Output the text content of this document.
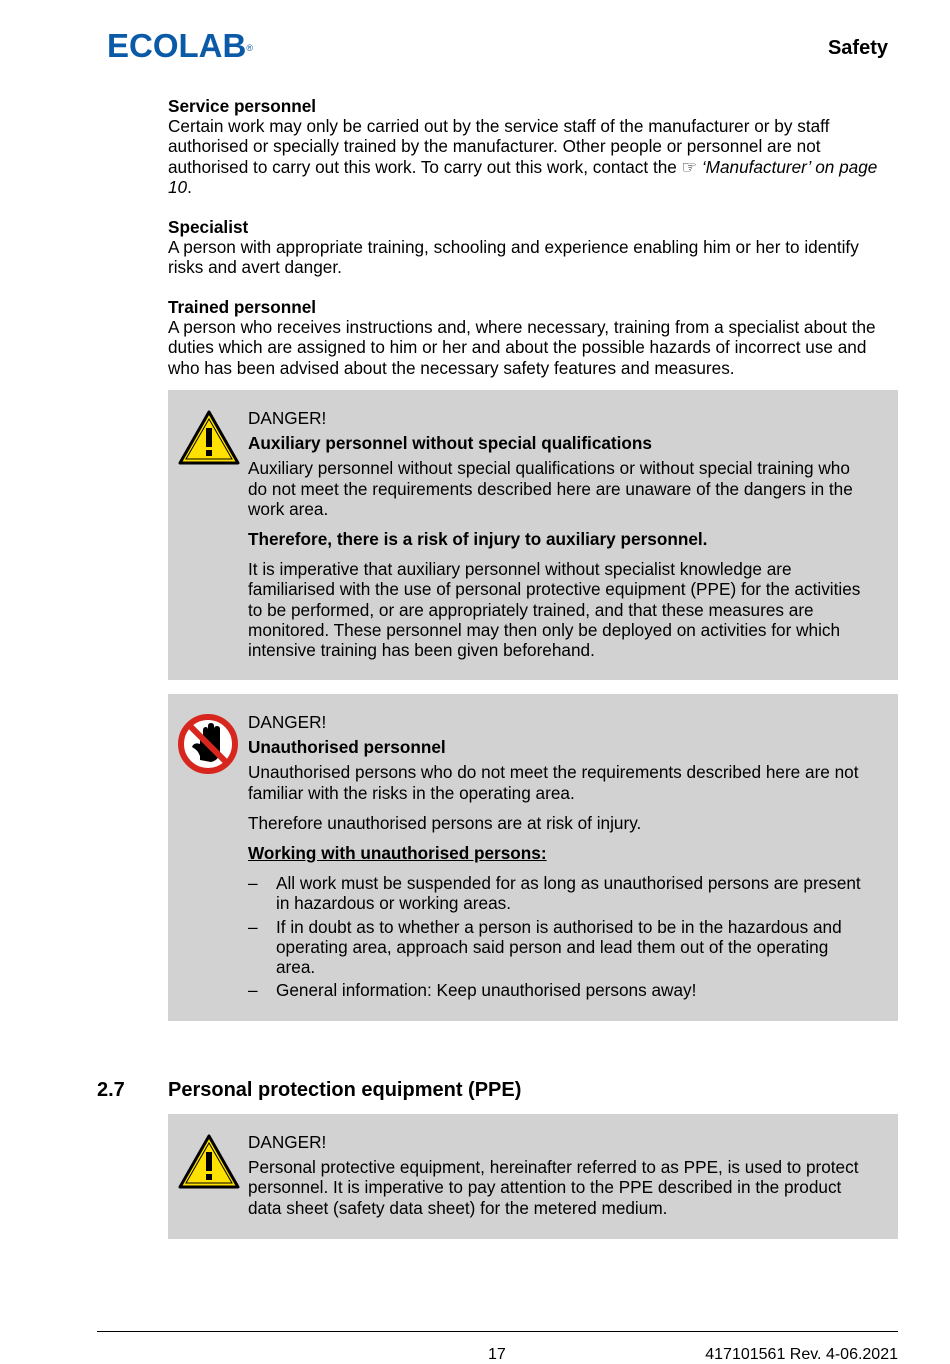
ECOLAB®	Safety
Service personnel
Certain work may only be carried out by the service staff of the manufacturer or by staff authorised or specially trained by the manufacturer. Other people or personnel are not authorised to carry out this work. To carry out this work, contact the ☞ ‘Manufacturer’ on page 10.
Specialist
A person with appropriate training, schooling and experience enabling him or her to identify risks and avert danger.
Trained personnel
A person who receives instructions and, where necessary, training from a specialist about the duties which are assigned to him or her and about the possible hazards of incorrect use and who has been advised about the necessary safety features and measures.
DANGER!
Auxiliary personnel without special qualifications
Auxiliary personnel without special qualifications or without special training who do not meet the requirements described here are unaware of the dangers in the work area.
Therefore, there is a risk of injury to auxiliary personnel.
It is imperative that auxiliary personnel without specialist knowledge are familiarised with the use of personal protective equipment (PPE) for the activities to be performed, or are appropriately trained, and that these measures are monitored. These personnel may then only be deployed on activities for which intensive training has been given beforehand.
DANGER!
Unauthorised personnel
Unauthorised persons who do not meet the requirements described here are not familiar with the risks in the operating area.
Therefore unauthorised persons are at risk of injury.
Working with unauthorised persons:
–	All work must be suspended for as long as unauthorised persons are present in hazardous or working areas.
–	If in doubt as to whether a person is authorised to be in the hazardous and operating area, approach said person and lead them out of the operating area.
–	General information: Keep unauthorised persons away!
2.7 Personal protection equipment (PPE)
DANGER!
Personal protective equipment, hereinafter referred to as PPE, is used to protect personnel. It is imperative to pay attention to the PPE described in the product data sheet (safety data sheet) for the metered medium.
17	417101561 Rev. 4-06.2021
